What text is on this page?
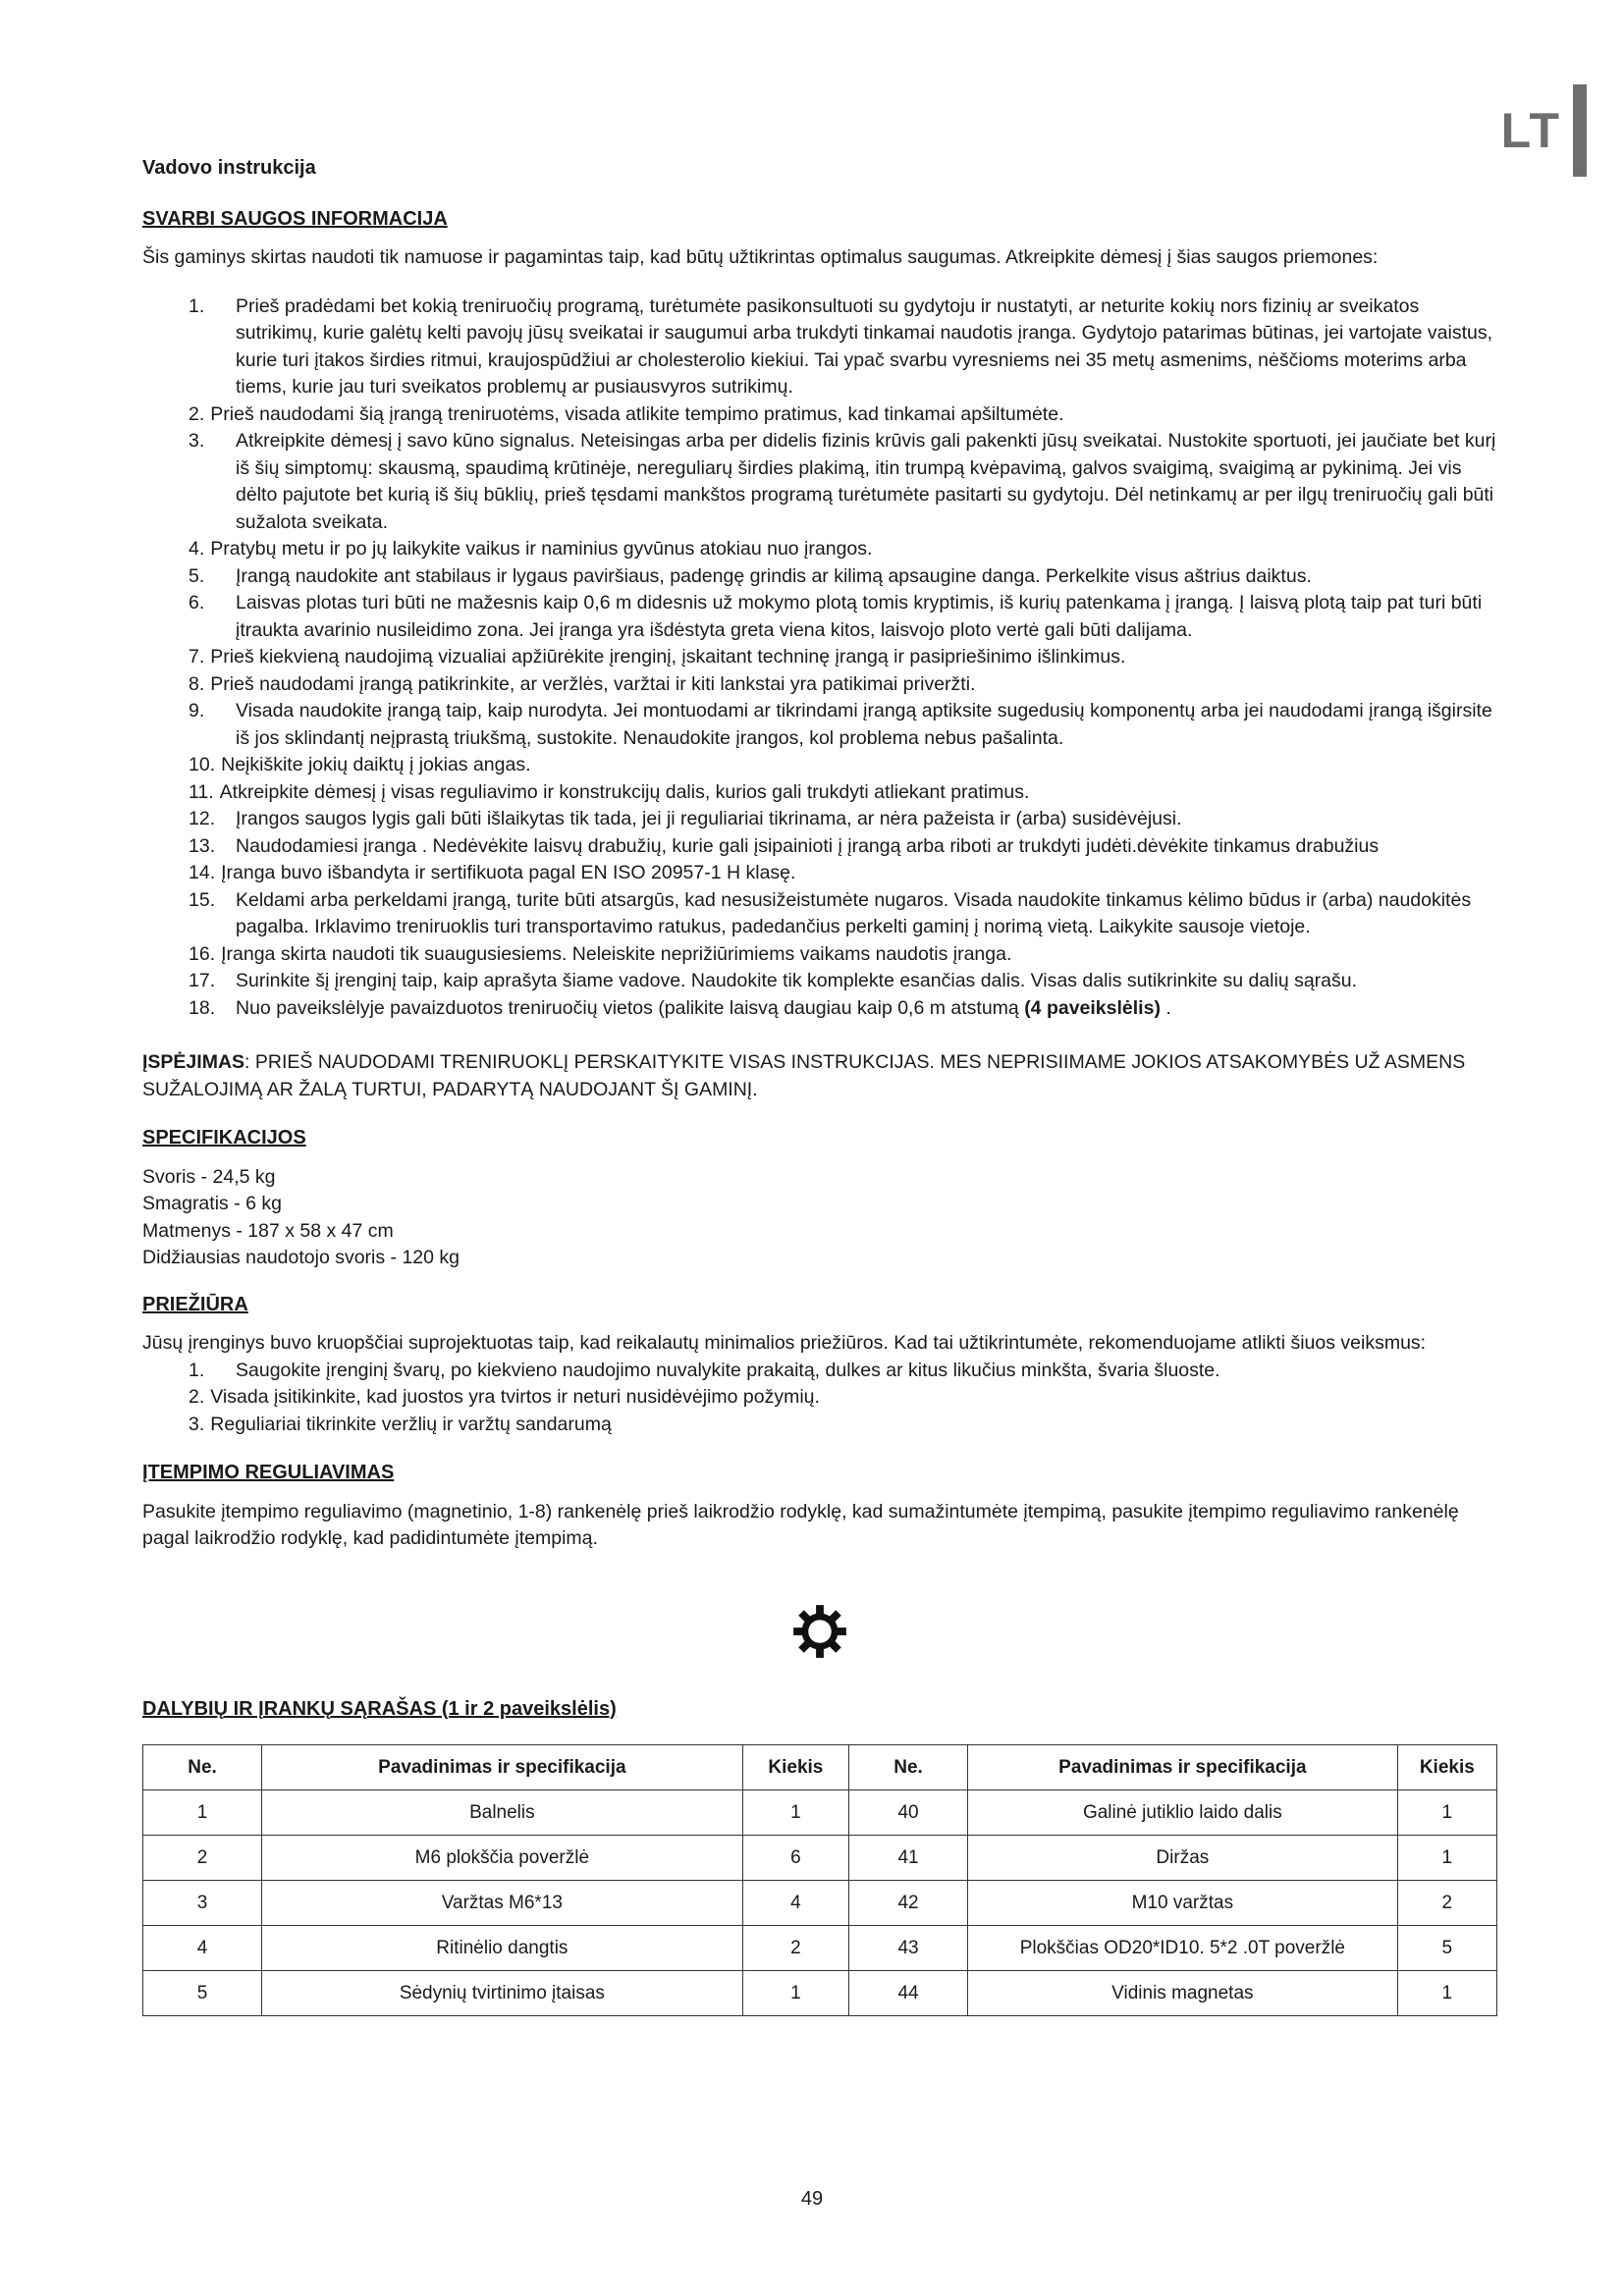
LT

Vadovo instrukcija

SVARBI SAUGOS INFORMACIJA

Šis gaminys skirtas naudoti tik namuose ir pagamintas taip, kad būtų užtikrintas optimalus saugumas. Atkreipkite dėmesį į šias saugos priemones:

1.	Prieš pradėdami bet kokią treniruočių programą, turėtumėte pasikonsultuoti su gydytoju ir nustatyti, ar neturite kokių nors fizinių ar sveikatos sutrikimų, kurie galėtų kelti pavojų jūsų sveikatai ir saugumui arba trukdyti tinkamai naudotis įranga. Gydytojo patarimas būtinas, jei vartojate vaistus, kurie turi įtakos širdies ritmui, kraujospūdžiui ar cholesterolio kiekiui. Tai ypač svarbu vyresniems nei 35 metų asmenims, nėščioms moterims arba tiems, kurie jau turi sveikatos problemų ar pusiausvyros sutrikimų.
2. Prieš naudodami šią įrangą treniruotėms, visada atlikite tempimo pratimus, kad tinkamai apšiltumėte.
3.	Atkreipkite dėmesį į savo kūno signalus. Neteisingas arba per didelis fizinis krūvis gali pakenkti jūsų sveikatai. Nustokite sportuoti, jei jaučiate bet kurį iš šių simptomų: skausmą, spaudimą krūtinėje, nereguliarų širdies plakimą, itin trumpą kvėpavimą, galvos svaigimą, svaigimą ar pykinimą. Jei vis dėlto pajutote bet kurią iš šių būklių, prieš tęsdami mankštos programą turėtumėte pasitarti su gydytoju. Dėl netinkamų ar per ilgų treniruočių gali būti sužalota sveikata.
4. Pratybų metu ir po jų laikykite vaikus ir naminius gyvūnus atokiau nuo įrangos.
5.	Įrangą naudokite ant stabilaus ir lygaus paviršiaus, padengę grindis ar kilimą apsaugine danga. Perkelkite visus aštrius daiktus.
6.	Laisvas plotas turi būti ne mažesnis kaip 0,6 m didesnis už mokymo plotą tomis kryptimis, iš kurių patenkama į įrangą. Į laisvą plotą taip pat turi būti įtraukta avarinio nusileidimo zona. Jei įranga yra išdėstyta greta viena kitos, laisvojo ploto vertė gali būti dalijama.
7. Prieš kiekvieną naudojimą vizualiai apžiūrėkite įrenginį, įskaitant techninę įrangą ir pasipriešinimo išlinkimus.
8. Prieš naudodami įrangą patikrinkite, ar veržlės, varžtai ir kiti lankstai yra patikimai priveržti.
9.	Visada naudokite įrangą taip, kaip nurodyta. Jei montuodami ar tikrindami įrangą aptiksite sugedusių komponentų arba jei naudodami įrangą išgirsite iš jos sklindantį neįprastą triukšmą, sustokite. Nenaudokite įrangos, kol problema nebus pašalinta.
10. Neįkiškite jokių daiktų į jokias angas.
11. Atkreipkite dėmesį į visas reguliavimo ir konstrukcijų dalis, kurios gali trukdyti atliekant pratimus.
12.	Įrangos saugos lygis gali būti išlaikytas tik tada, jei ji reguliariai tikrinama, ar nėra pažeista ir (arba) susidėvėjusi.
13.	Naudodamiesi įranga . Nedėvėkite laisvų drabužių, kurie gali įsipainioti į įrangą arba riboti ar trukdyti judėti.dėvėkite tinkamus drabužius
14. Įranga buvo išbandyta ir sertifikuota pagal EN ISO 20957-1 H klasę.
15.	Keldami arba perkeldami įrangą, turite būti atsargūs, kad nesusižeistumėte nugaros. Visada naudokite tinkamus kėlimo būdus ir (arba) naudokitės pagalba. Irklavimo treniruoklis turi transportavimo ratukus, padedančius perkelti gaminį į norimą vietą. Laikykite sausoje vietoje.
16. Įranga skirta naudoti tik suaugusiesiems. Neleiskite neprižiūrimiems vaikams naudotis įranga.
17.	Surinkite šį įrenginį taip, kaip aprašyta šiame vadove. Naudokite tik komplekte esančias dalis. Visas dalis sutikrinkite su dalių sąrašu.
18.	Nuo paveikslėlyje pavaizduotos treniruočių vietos (palikite laisvą daugiau kaip 0,6 m atstumą (4 paveikslėlis) .

ĮSPĖJIMAS: PRIEŠ NAUDODAMI TRENIRUOKLĮ PERSKAITYKITE VISAS INSTRUKCIJAS. MES NEPRISIIMAME JOKIOS ATSAKOMYBĖS UŽ ASMENS SUŽALOJIMĄ AR ŽALĄ TURTUI, PADARYTĄ NAUDOJANT ŠĮ GAMINĮ.

SPECIFIKACIJOS

Svoris - 24,5 kg

Smagratis - 6 kg

Matmenys - 187 x 58 x 47 cm

Didžiausias naudotojo svoris - 120 kg

PRIEŽIŪRA

Jūsų įrenginys buvo kruopščiai suprojektuotas taip, kad reikalautų minimalios priežiūros. Kad tai užtikrintumėte, rekomenduojame atlikti šiuos veiksmus:

1.	Saugokite įrenginį švarų, po kiekvieno naudojimo nuvalykite prakaitą, dulkes ar kitus likučius minkšta, švaria šluoste.
2. Visada įsitikinkite, kad juostos yra tvirtos ir neturi nusidėvėjimo požymių.
3. Reguliariai tikrinkite veržlių ir varžtų sandarumą

ĮTEMPIMO REGULIAVIMAS

Pasukite įtempimo reguliavimo (magnetinio, 1-8) rankenėlę prieš laikrodžio rodyklę, kad sumažintumėte įtempimą, pasukite įtempimo reguliavimo rankenėlę pagal laikrodžio rodyklę, kad padidintumėte įtempimą.

DALYBIŲ IR ĮRANKŲ SĄRAŠAS (1 ir 2 paveikslėlis)

Ne.	Pavadinimas ir specifikacija	Kiekis	Ne.	Pavadinimas ir specifikacija	Kiekis
1	Balnelis	1	40	Galinė jutiklio laido dalis	1
2	M6 plokščia poveržlė	6	41	Diržas	1
3	Varžtas M6*13	4	42	M10 varžtas	2
4	Ritinėlio dangtis	2	43	Plokščias OD20*ID10. 5*2 .0T poveržlė	5
5	Sėdynių tvirtinimo įtaisas	1	44	Vidinis magnetas	1
49
